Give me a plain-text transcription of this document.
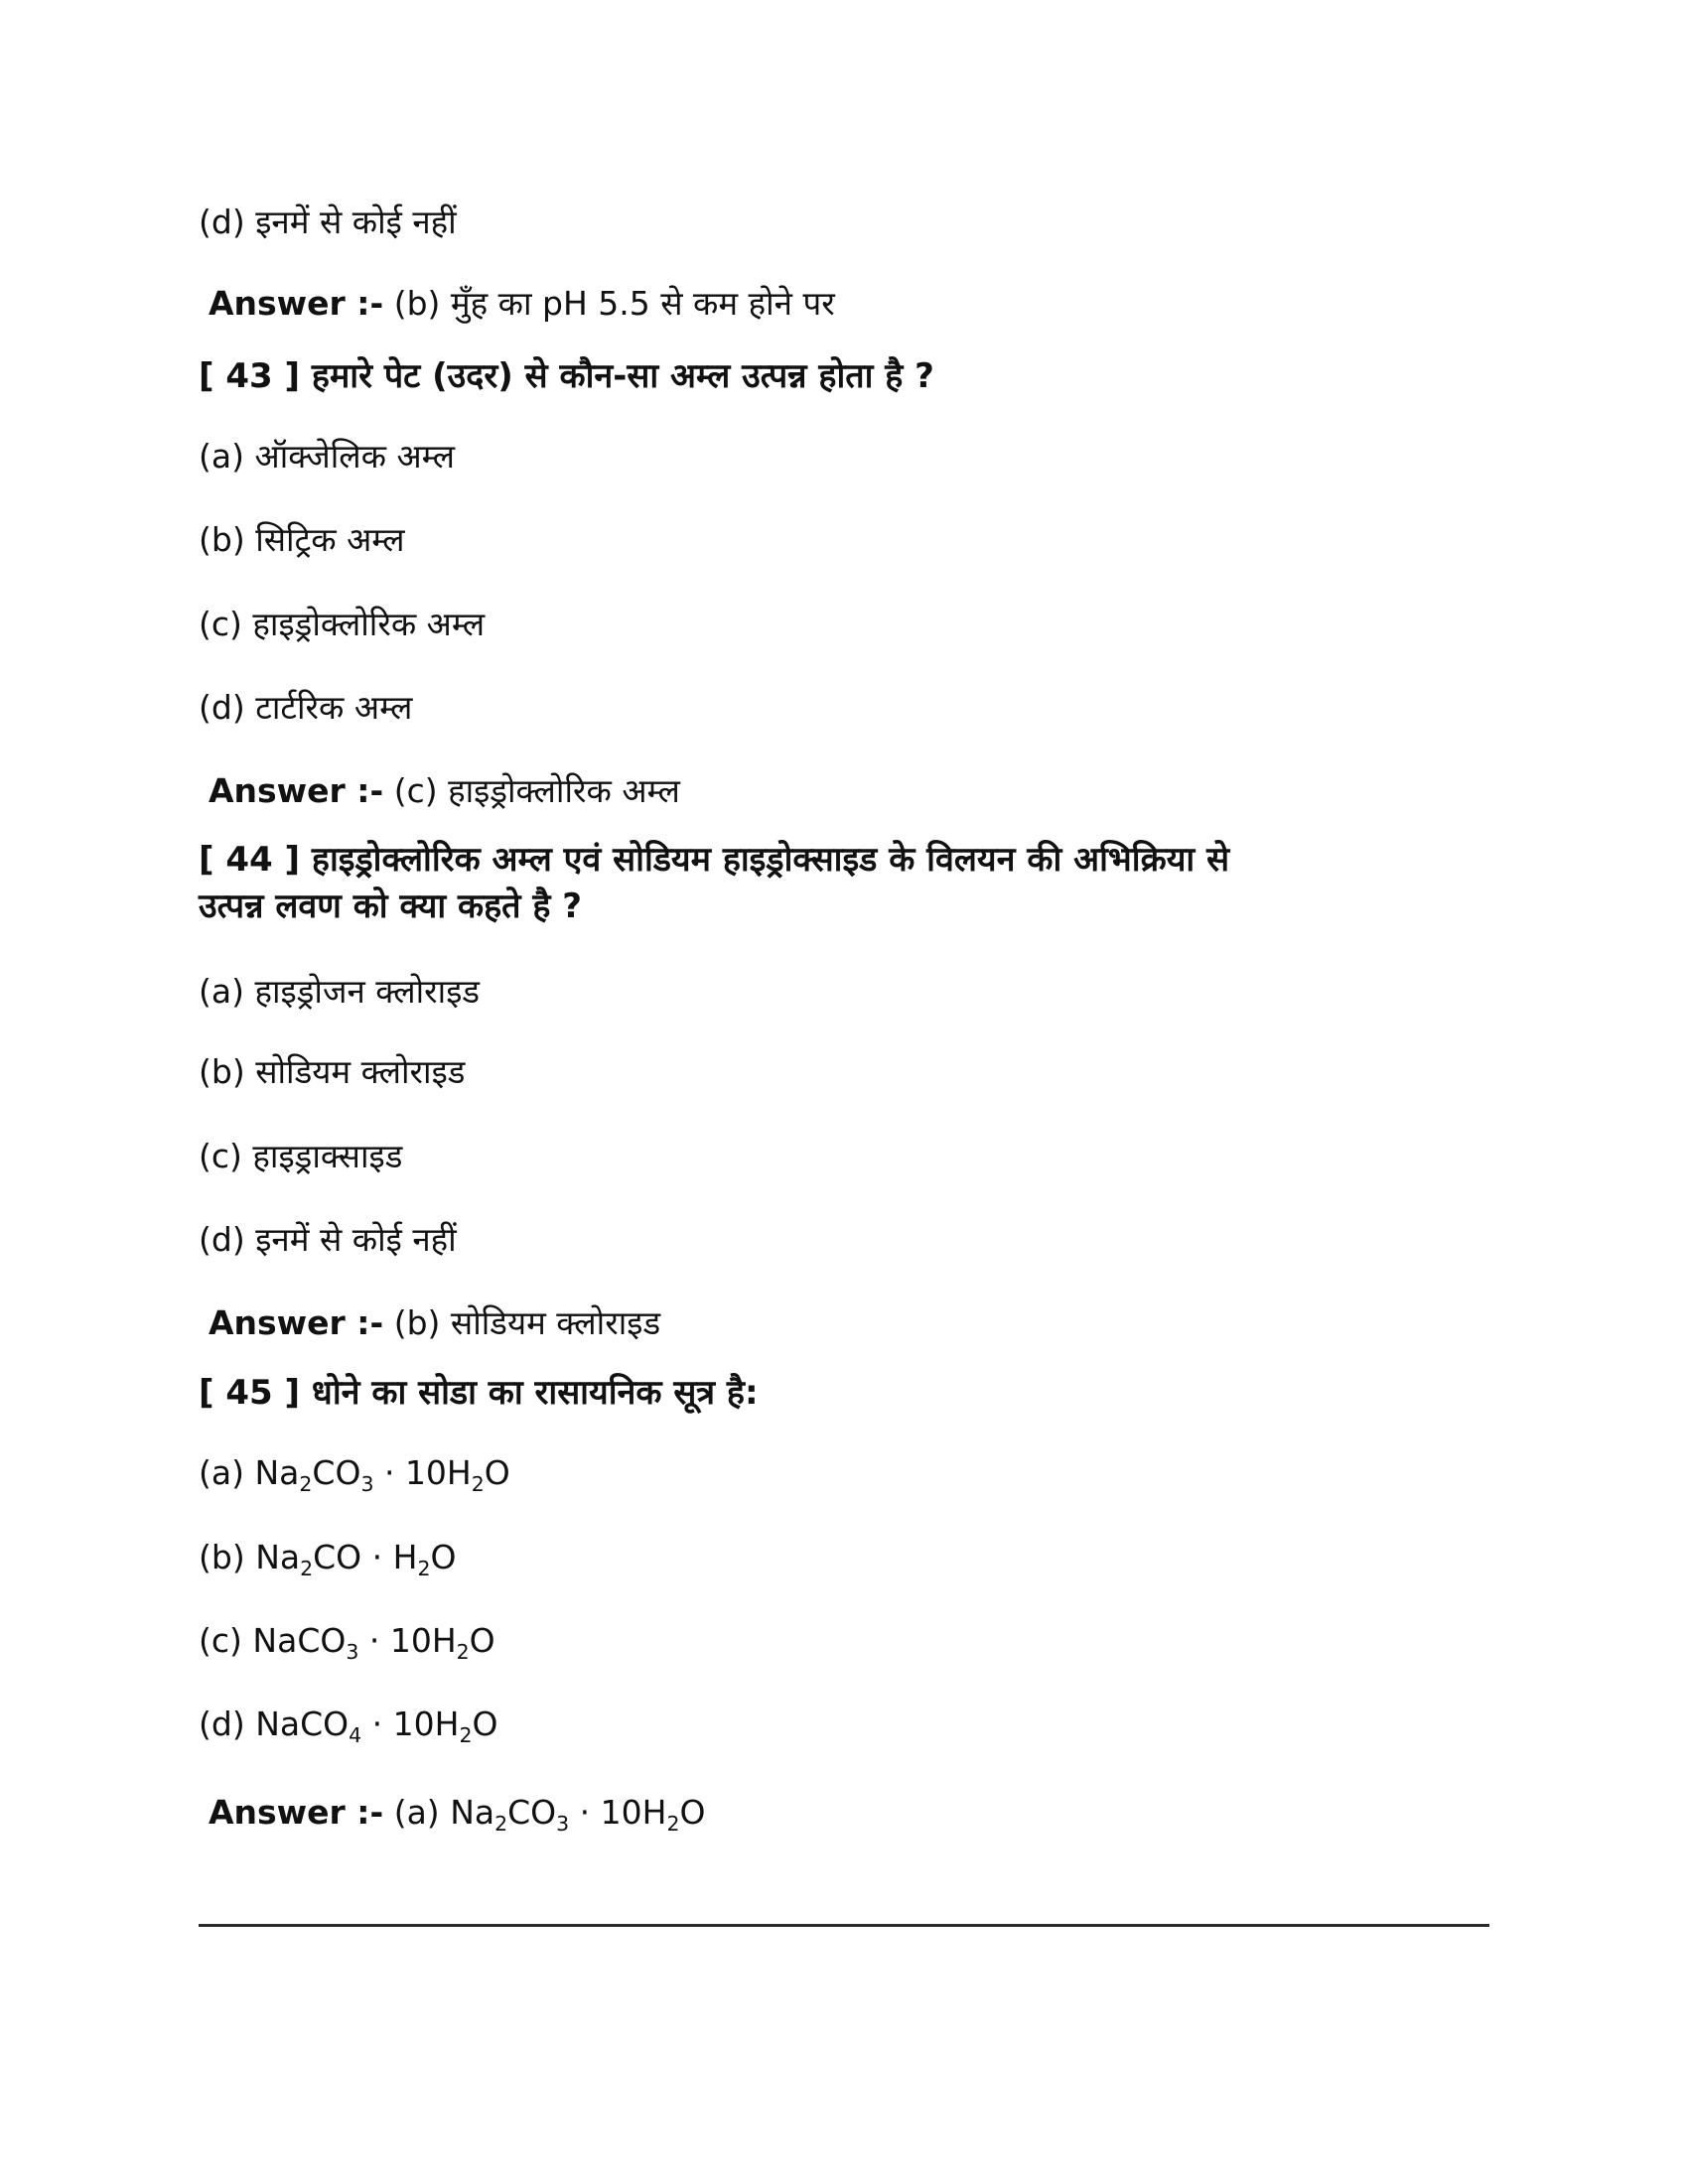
(d) इनमें से कोई नहीं
Answer :- (b) मुँह का pH 5.5 से कम होने पर
[ 43 ] हमारे पेट (उदर) से कौन-सा अम्ल उत्पन्न होता है ?
(a) ऑक्जेलिक अम्ल
(b) सिट्रिक अम्ल
(c) हाइड्रोक्लोरिक अम्ल
(d) टार्टरिक अम्ल
Answer :- (c) हाइड्रोक्लोरिक अम्ल
[ 44 ] हाइड्रोक्लोरिक अम्ल एवं सोडियम हाइड्रोक्साइड के विलयन की अभिक्रिया से
उत्पन्न लवण को क्या कहते है ?
(a) हाइड्रोजन क्लोराइड
(b) सोडियम क्लोराइड
(c) हाइड्राक्साइड
(d) इनमें से कोई नहीं
Answer :- (b) सोडियम क्लोराइड
[ 45 ] धोने का सोडा का रासायनिक सूत्र है:
(a) $Na_2CO_3 \cdot 10H_2O$
(b) $Na_2CO \cdot H_2O$
(c) NaCO$_3$ · $10H_2O$
(d) NaCO$_4$ · $10H_2O$
Answer :- (a) $Na_2CO_3 \cdot 10H_2O$
